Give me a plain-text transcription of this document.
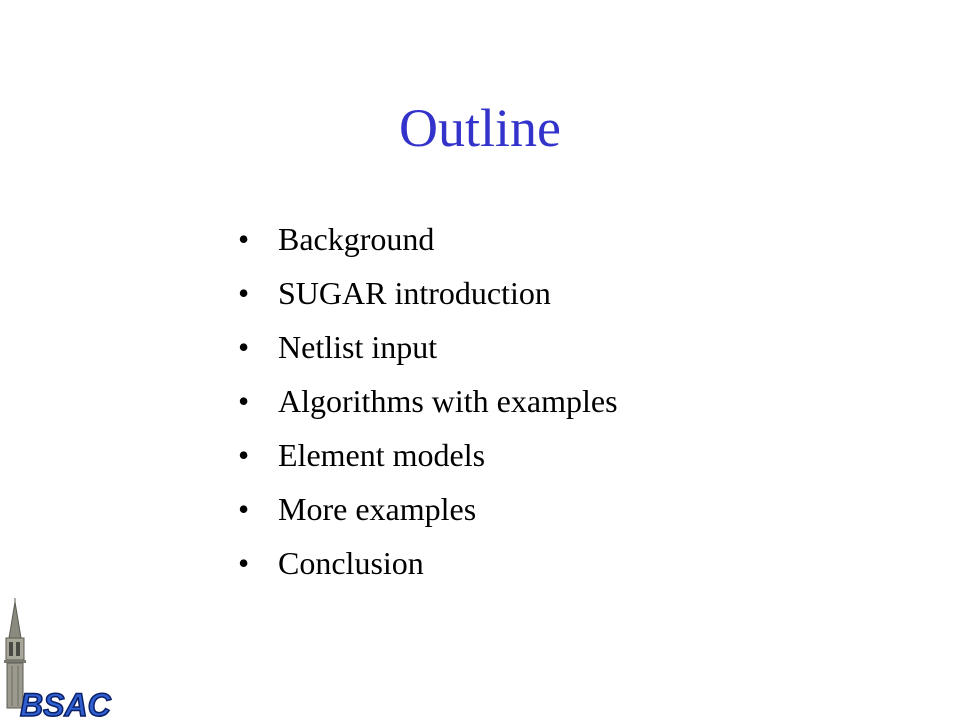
Outline
• Background
• SUGAR introduction
• Netlist input
• Algorithms with examples
• Element models
• More examples
• Conclusion
BSAC
